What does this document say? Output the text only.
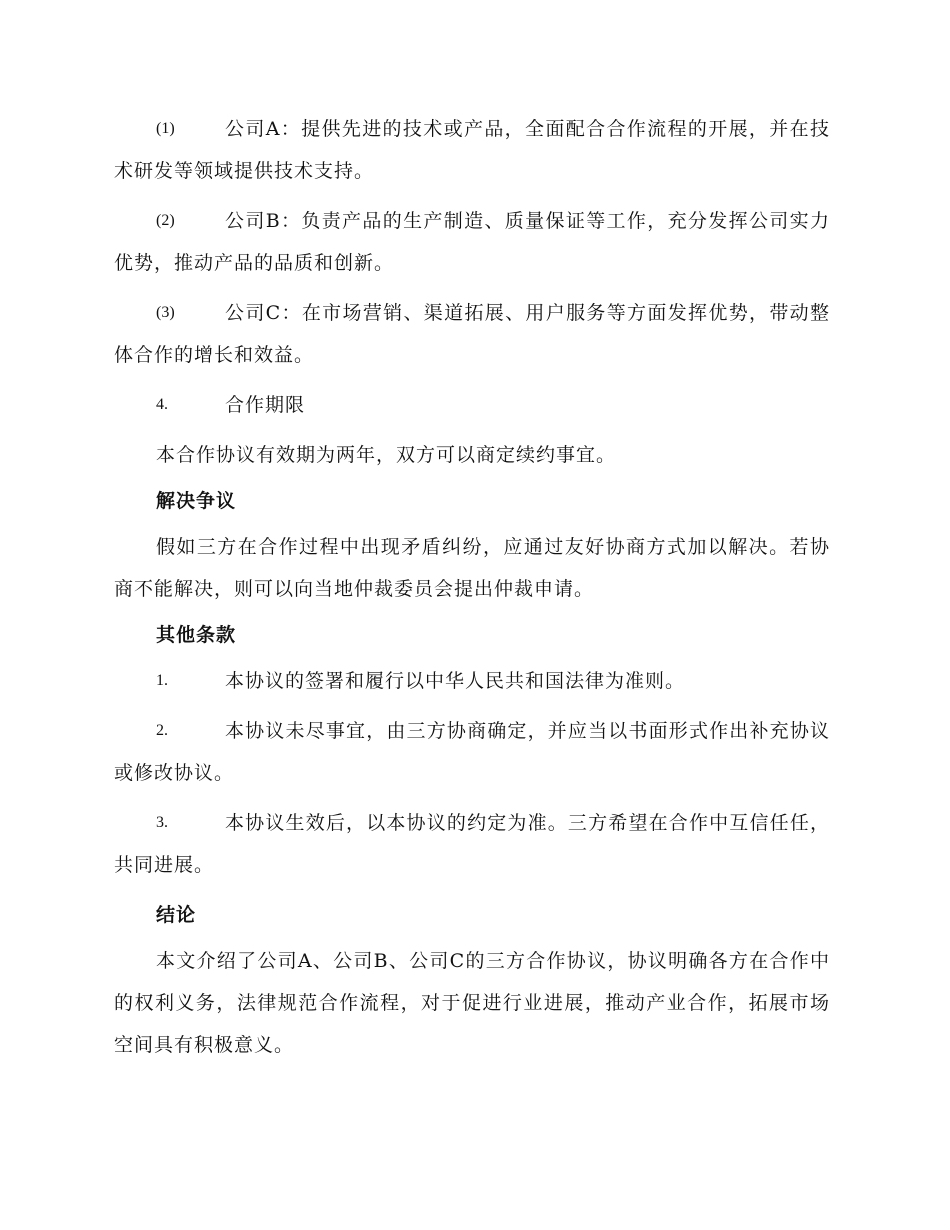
(1)	公司A：提供先进的技术或产品，全面配合合作流程的开展，并在技术研发等领域提供技术支持。
(2)	公司B：负责产品的生产制造、质量保证等工作，充分发挥公司实力优势，推动产品的品质和创新。
(3)	公司C：在市场营销、渠道拓展、用户服务等方面发挥优势，带动整体合作的增长和效益。
4.	合作期限

本合作协议有效期为两年，双方可以商定续约事宜。

解决争议

假如三方在合作过程中出现矛盾纠纷，应通过友好协商方式加以解决。若协商不能解决，则可以向当地仲裁委员会提出仲裁申请。

其他条款

1.	本协议的签署和履行以中华人民共和国法律为准则。
2.	本协议未尽事宜，由三方协商确定，并应当以书面形式作出补充协议或修改协议。
3.	本协议生效后，以本协议的约定为准。三方希望在合作中互信任任，共同进展。

结论

本文介绍了公司A、公司B、公司C的三方合作协议，协议明确各方在合作中的权利义务，法律规范合作流程，对于促进行业进展，推动产业合作，拓展市场空间具有积极意义。
